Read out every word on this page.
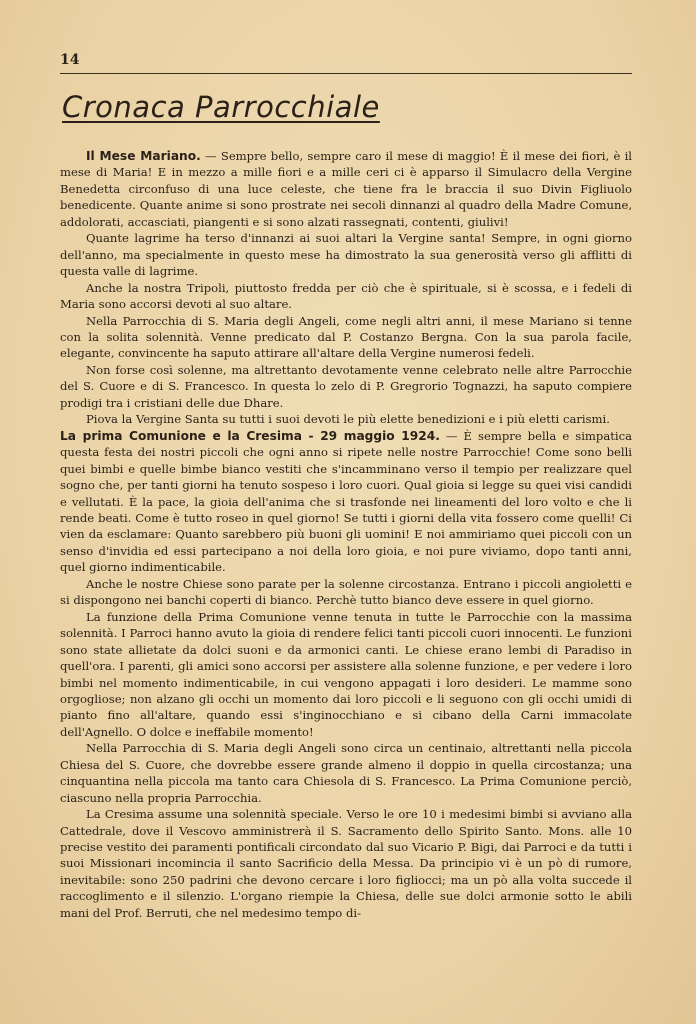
14
Cronaca Parrocchiale

Il Mese Mariano. — Sempre bello, sempre caro il mese di maggio! È il mese dei fiori, è il mese di Maria! E in mezzo a mille fiori e a mille ceri ci è apparso il Simulacro della Vergine Benedetta circonfuso di una luce celeste, che tiene fra le braccia il suo Divin Figliuolo benedicente. Quante anime si sono prostrate nei secoli dinnanzi al quadro della Madre Comune, addolorati, accasciati, piangenti e si sono alzati rassegnati, contenti, giulivi!

Quante lagrime ha terso d'innanzi ai suoi altari la Vergine santa! Sempre, in ogni giorno dell'anno, ma specialmente in questo mese ha dimostrato la sua generosità verso gli afflitti di questa valle di lagrime.

Anche la nostra Tripoli, piuttosto fredda per ciò che è spirituale, si è scossa, e i fedeli di Maria sono accorsi devoti al suo altare.

Nella Parrocchia di S. Maria degli Angeli, come negli altri anni, il mese Mariano si tenne con la solita solennità. Venne predicato dal P. Costanzo Bergna. Con la sua parola facile, elegante, convincente ha saputo attirare all'altare della Vergine numerosi fedeli.

Non forse così solenne, ma altrettanto devotamente venne celebrato nelle altre Parrocchie del S. Cuore e di S. Francesco. In questa lo zelo di P. Gregrorio Tognazzi, ha saputo compiere prodigi tra i cristiani delle due Dhare.

Piova la Vergine Santa su tutti i suoi devoti le più elette benedizioni e i più eletti carismi.

La prima Comunione e la Cresima - 29 maggio 1924. — È sempre bella e simpatica questa festa dei nostri piccoli che ogni anno si ripete nelle nostre Parrocchie! Come sono belli quei bimbi e quelle bimbe bianco vestiti che s'incamminano verso il tempio per realizzare quel sogno che, per tanti giorni ha tenuto sospeso i loro cuori. Qual gioia si legge su quei visi candidi e vellutati. È la pace, la gioia dell'anima che si trasfonde nei lineamenti del loro volto e che li rende beati. Come è tutto roseo in quel giorno! Se tutti i giorni della vita fossero come quelli! Ci vien da esclamare: Quanto sarebbero più buoni gli uomini! E noi ammiriamo quei piccoli con un senso d'invidia ed essi partecipano a noi della loro gioia, e noi pure viviamo, dopo tanti anni, quel giorno indimenticabile.

Anche le nostre Chiese sono parate per la solenne circostanza. Entrano i piccoli angioletti e si dispongono nei banchi coperti di bianco. Perchè tutto bianco deve essere in quel giorno.

La funzione della Prima Comunione venne tenuta in tutte le Parrocchie con la massima solennità. I Parroci hanno avuto la gioia di rendere felici tanti piccoli cuori innocenti. Le funzioni sono state allietate da dolci suoni e da armonici canti. Le chiese erano lembi di Paradiso in quell'ora. I parenti, gli amici sono accorsi per assistere alla solenne funzione, e per vedere i loro bimbi nel momento indimenticabile, in cui vengono appagati i loro desideri. Le mamme sono orgogliose; non alzano gli occhi un momento dai loro piccoli e li seguono con gli occhi umidi di pianto fino all'altare, quando essi s'inginocchiano e si cibano della Carni immacolate dell'Agnello. O dolce e ineffabile momento!

Nella Parrocchia di S. Maria degli Angeli sono circa un centinaio, altrettanti nella piccola Chiesa del S. Cuore, che dovrebbe essere grande almeno il doppio in quella circostanza; una cinquantina nella piccola ma tanto cara Chiesola di S. Francesco. La Prima Comunione perciò, ciascuno nella propria Parrocchia.

La Cresima assume una solennità speciale. Verso le ore 10 i medesimi bimbi si avviano alla Cattedrale, dove il Vescovo amministrerà il S. Sacramento dello Spirito Santo. Mons. alle 10 precise vestito dei paramenti pontificali circondato dal suo Vicario P. Bigi, dai Parroci e da tutti i suoi Missionari incomincia il santo Sacrificio della Messa. Da principio vi è un pò di rumore, inevitabile: sono 250 padrini che devono cercare i loro figliocci; ma un pò alla volta succede il raccoglimento e il silenzio. L'organo riempie la Chiesa, delle sue dolci armonie sotto le abili mani del Prof. Berruti, che nel medesimo tempo di-
